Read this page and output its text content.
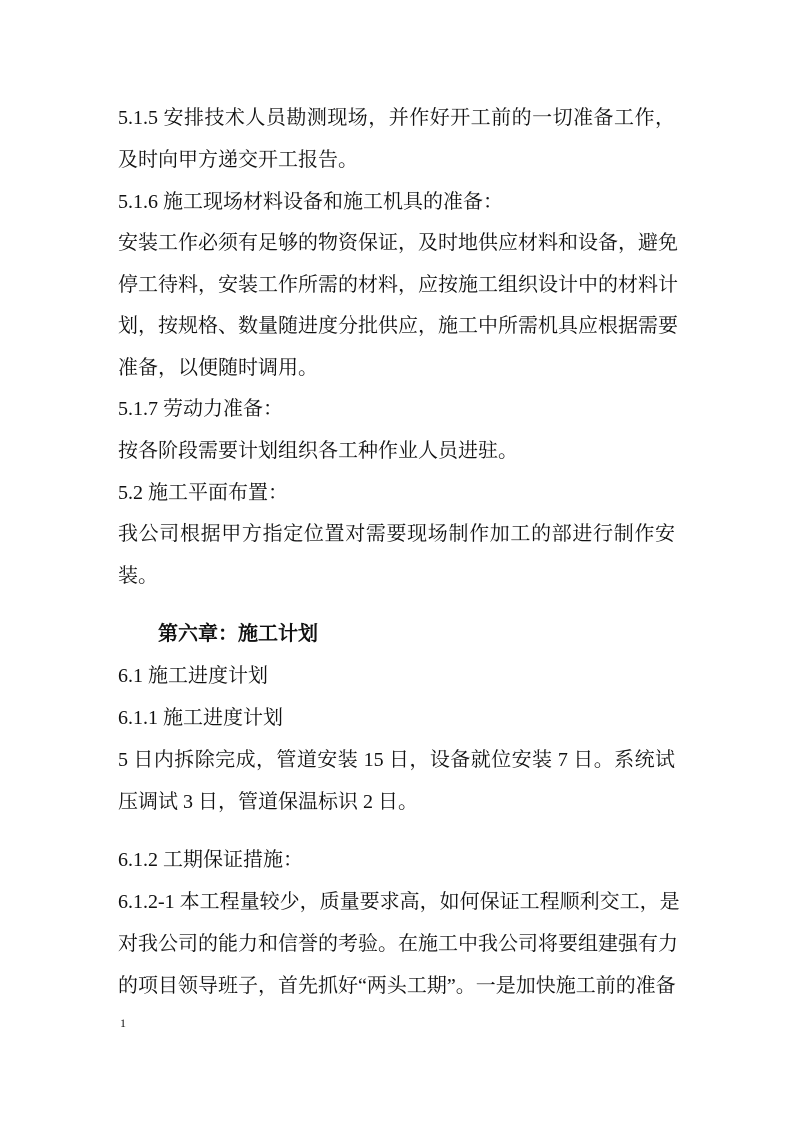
5.1.5 安排技术人员勘测现场，并作好开工前的一切准备工作，
及时向甲方递交开工报告。
5.1.6 施工现场材料设备和施工机具的准备：
安装工作必须有足够的物资保证，及时地供应材料和设备，避免
停工待料，安装工作所需的材料，应按施工组织设计中的材料计
划，按规格、数量随进度分批供应，施工中所需机具应根据需要
准备，以便随时调用。
5.1.7 劳动力准备：
按各阶段需要计划组织各工种作业人员进驻。
5.2 施工平面布置：
我公司根据甲方指定位置对需要现场制作加工的部进行制作安
装。
第六章：施工计划
6.1 施工进度计划
6.1.1 施工进度计划
5 日内拆除完成，管道安装 15 日，设备就位安装 7 日。系统试
压调试 3 日，管道保温标识 2 日。
6.1.2 工期保证措施：
6.1.2-1 本工程量较少，质量要求高，如何保证工程顺利交工，是
对我公司的能力和信誉的考验。在施工中我公司将要组建强有力
的项目领导班子，首先抓好“两头工期”。一是加快施工前的准备
1
